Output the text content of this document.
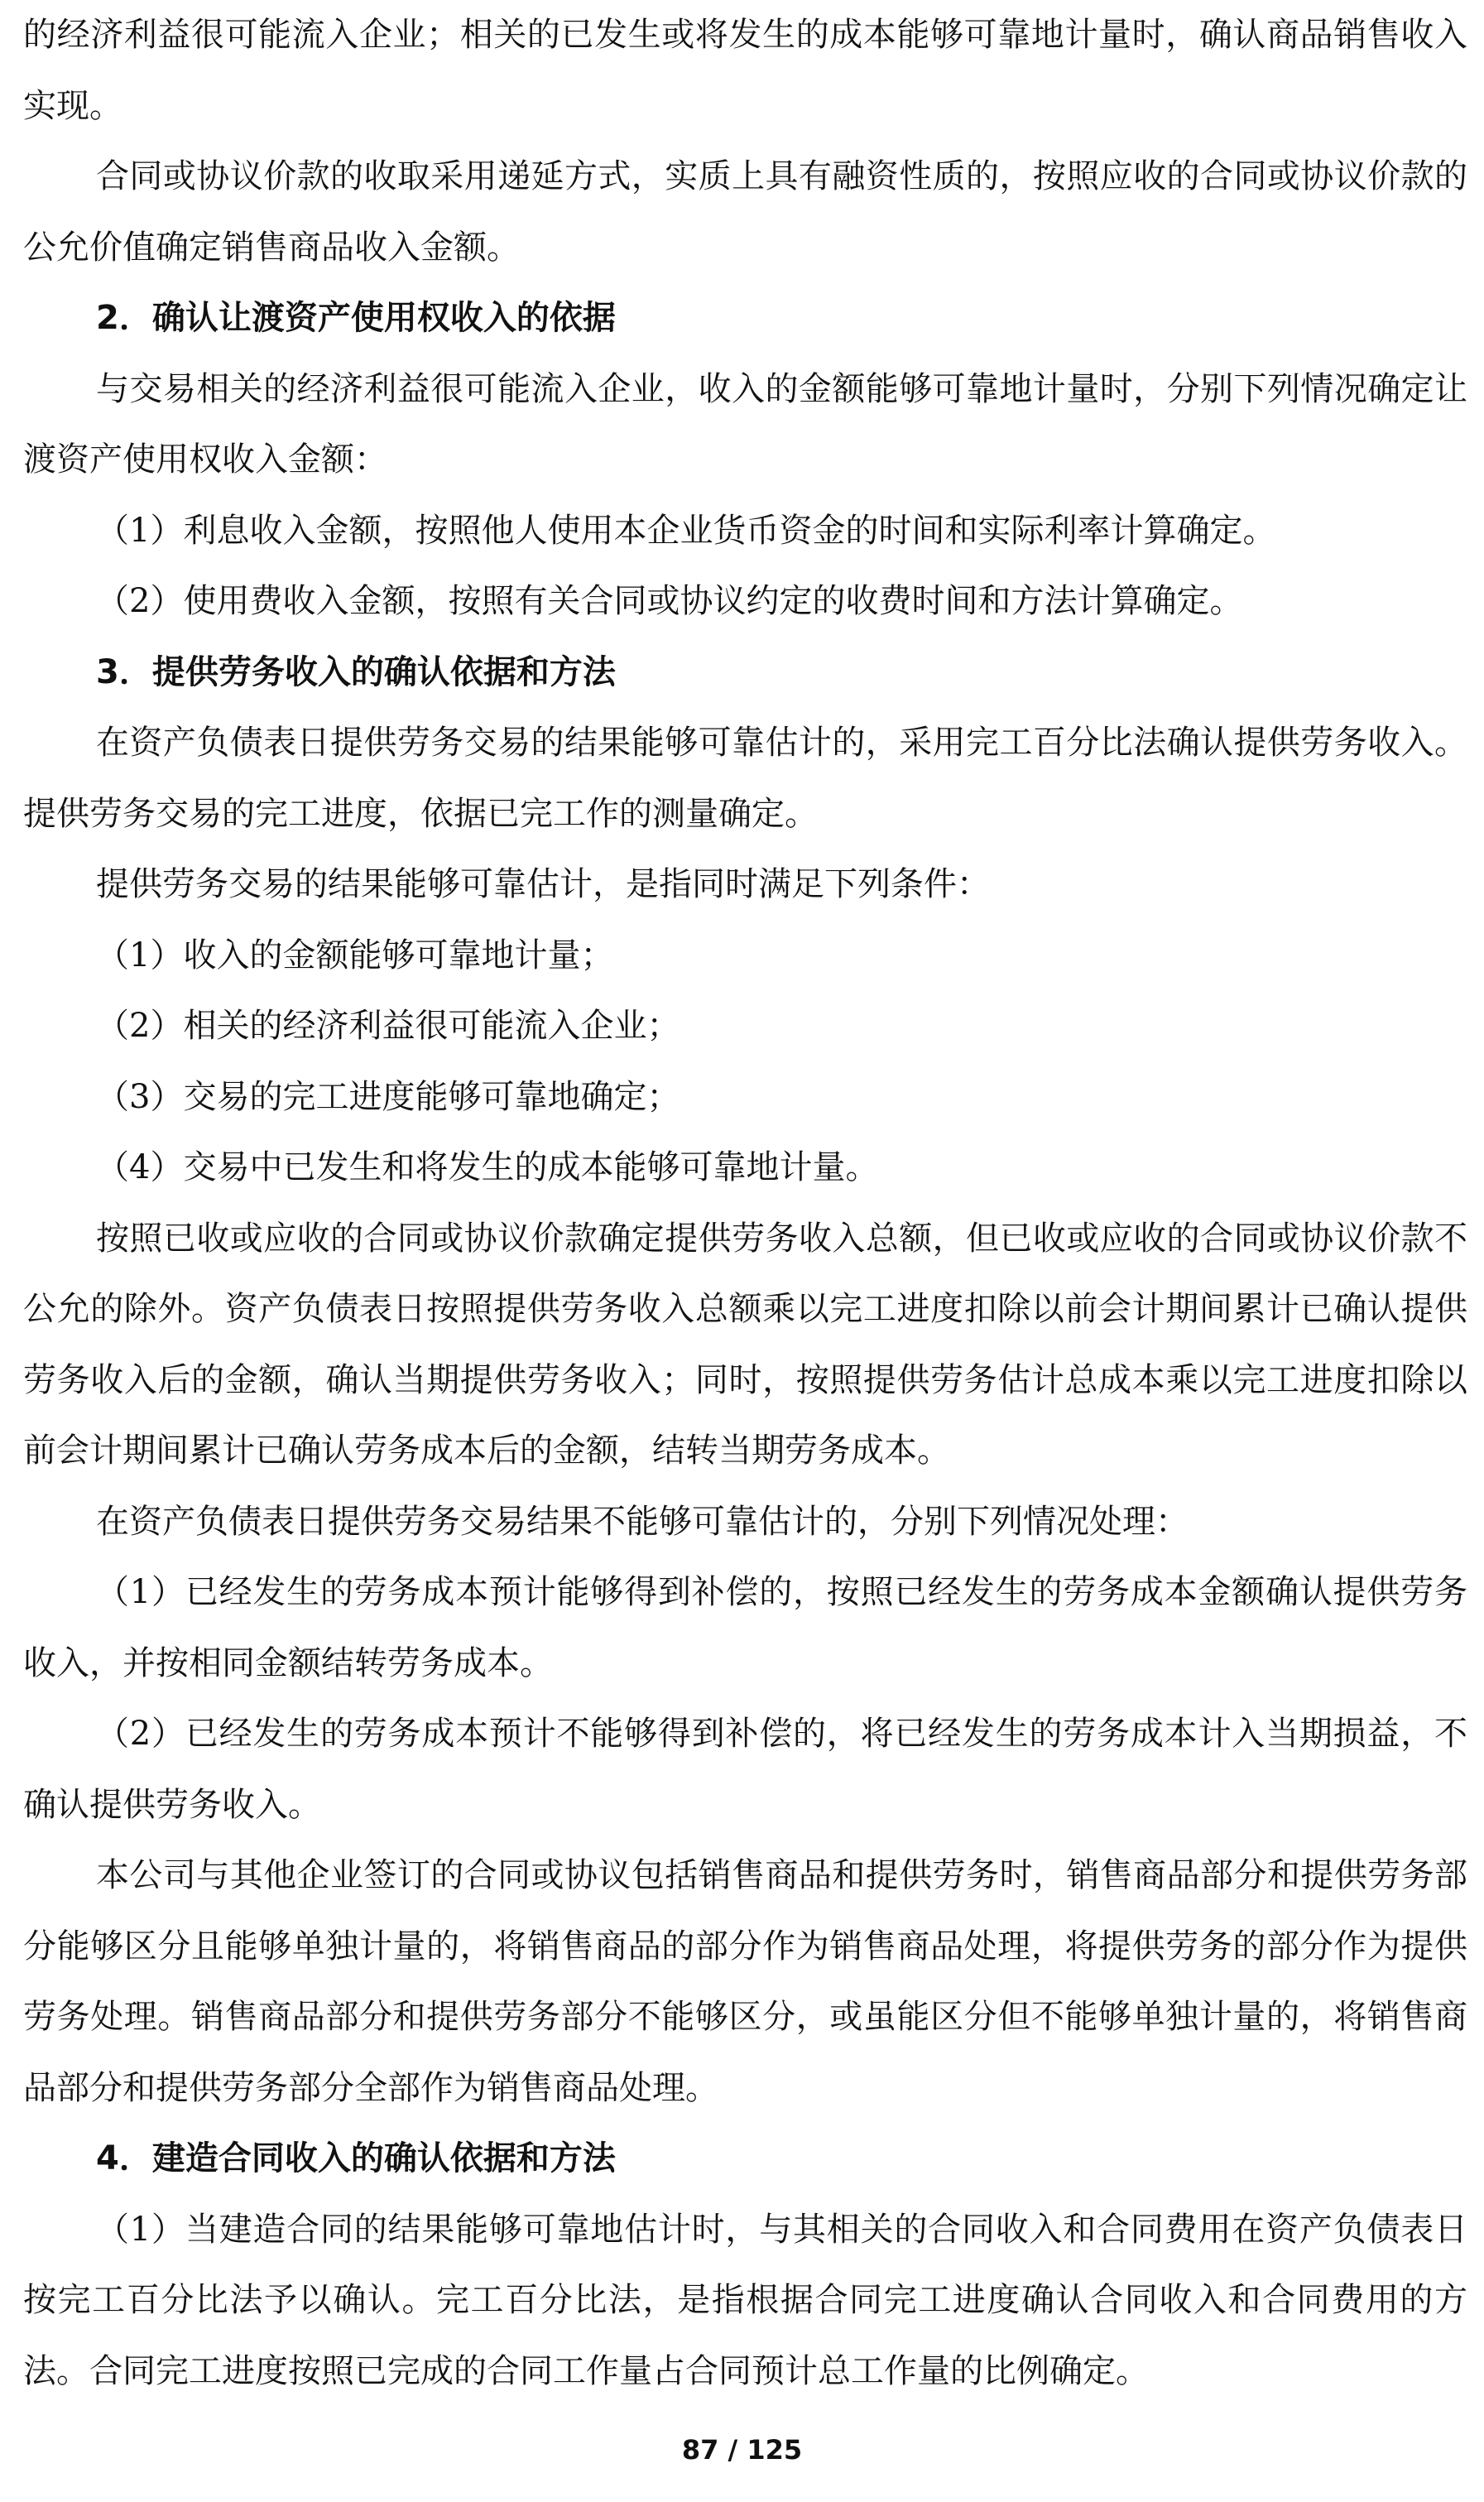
的经济利益很可能流入企业；相关的已发生或将发生的成本能够可靠地计量时，确认商品销售收入实现。

合同或协议价款的收取采用递延方式，实质上具有融资性质的，按照应收的合同或协议价款的公允价值确定销售商品收入金额。

2．确认让渡资产使用权收入的依据

与交易相关的经济利益很可能流入企业，收入的金额能够可靠地计量时，分别下列情况确定让渡资产使用权收入金额：

（1）利息收入金额，按照他人使用本企业货币资金的时间和实际利率计算确定。

（2）使用费收入金额，按照有关合同或协议约定的收费时间和方法计算确定。

3．提供劳务收入的确认依据和方法

在资产负债表日提供劳务交易的结果能够可靠估计的，采用完工百分比法确认提供劳务收入。提供劳务交易的完工进度，依据已完工作的测量确定。

提供劳务交易的结果能够可靠估计，是指同时满足下列条件：

（1）收入的金额能够可靠地计量；

（2）相关的经济利益很可能流入企业；

（3）交易的完工进度能够可靠地确定；

（4）交易中已发生和将发生的成本能够可靠地计量。

按照已收或应收的合同或协议价款确定提供劳务收入总额，但已收或应收的合同或协议价款不公允的除外。资产负债表日按照提供劳务收入总额乘以完工进度扣除以前会计期间累计已确认提供劳务收入后的金额，确认当期提供劳务收入；同时，按照提供劳务估计总成本乘以完工进度扣除以前会计期间累计已确认劳务成本后的金额，结转当期劳务成本。

在资产负债表日提供劳务交易结果不能够可靠估计的，分别下列情况处理：

（1）已经发生的劳务成本预计能够得到补偿的，按照已经发生的劳务成本金额确认提供劳务收入，并按相同金额结转劳务成本。

（2）已经发生的劳务成本预计不能够得到补偿的，将已经发生的劳务成本计入当期损益，不确认提供劳务收入。

本公司与其他企业签订的合同或协议包括销售商品和提供劳务时，销售商品部分和提供劳务部分能够区分且能够单独计量的，将销售商品的部分作为销售商品处理，将提供劳务的部分作为提供劳务处理。销售商品部分和提供劳务部分不能够区分，或虽能区分但不能够单独计量的，将销售商品部分和提供劳务部分全部作为销售商品处理。

4．建造合同收入的确认依据和方法

（1）当建造合同的结果能够可靠地估计时，与其相关的合同收入和合同费用在资产负债表日按完工百分比法予以确认。完工百分比法，是指根据合同完工进度确认合同收入和合同费用的方法。合同完工进度按照已完成的合同工作量占合同预计总工作量的比例确定。

87 / 125
